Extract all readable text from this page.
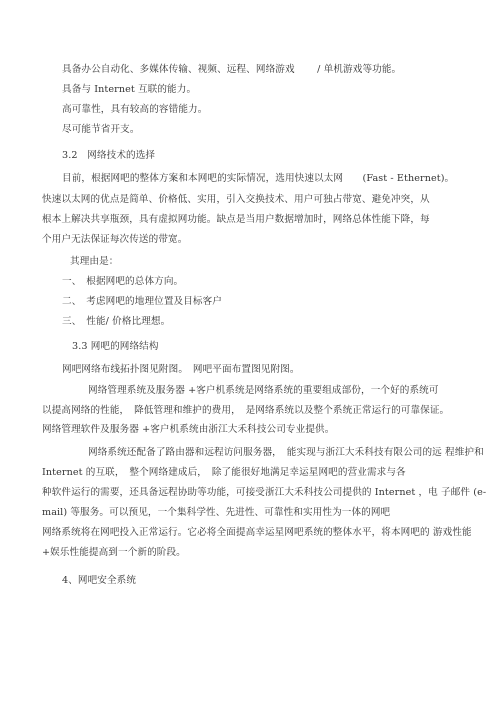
具备办公自动化、多媒体传输、视频、远程、网络游戏　　 / 单机游戏等功能。
具备与 Internet 互联的能力。
高可靠性，具有较高的容错能力。
尽可能节省开支。
3.2　网络技术的选择
目前，根据网吧的整体方案和本网吧的实际情况，选用快速以太网　　(Fast - Ethernet)。
快速以太网的优点是简单、价格低、实用，引入交换技术、用户可独占带宽、避免冲突，从
根本上解决共享瓶颈，具有虚拟网功能。缺点是当用户数据增加时，网络总体性能下降，每
个用户无法保证每次传送的带宽。
其理由是：
一、　根据网吧的总体方向。
二、　考虑网吧的地理位置及目标客户
三、　性能/ 价格比理想。
3.3 网吧的网络结构
网吧网络布线拓扑图见附图。　网吧平面布置图见附图。
网络管理系统及服务器 +客户机系统是网络系统的重要组成部份，一个好的系统可
以提高网络的性能，　降低管理和维护的费用，　是网络系统以及整个系统正常运行的可靠保证。
网络管理软件及服务器 +客户机系统由浙江大禾科技公司专业提供。
网络系统还配备了路由器和远程访问服务器，　能实现与浙江大禾科技有限公司的远 程维护和
Internet 的互联，　整个网络建成后，　除了能很好地满足幸运星网吧的营业需求与各
种软件运行的需要，还具备远程协助等功能，可接受浙江大禾科技公司提供的 Internet ，电 子邮件 (e-
mail) 等服务。可以预见，一个集科学性、先进性、可靠性和实用性为一体的网吧
网络系统将在网吧投入正常运行。它必将全面提高幸运星网吧系统的整体水平，将本网吧的 游戏性能
+娱乐性能提高到一个新的阶段。
4、网吧安全系统
